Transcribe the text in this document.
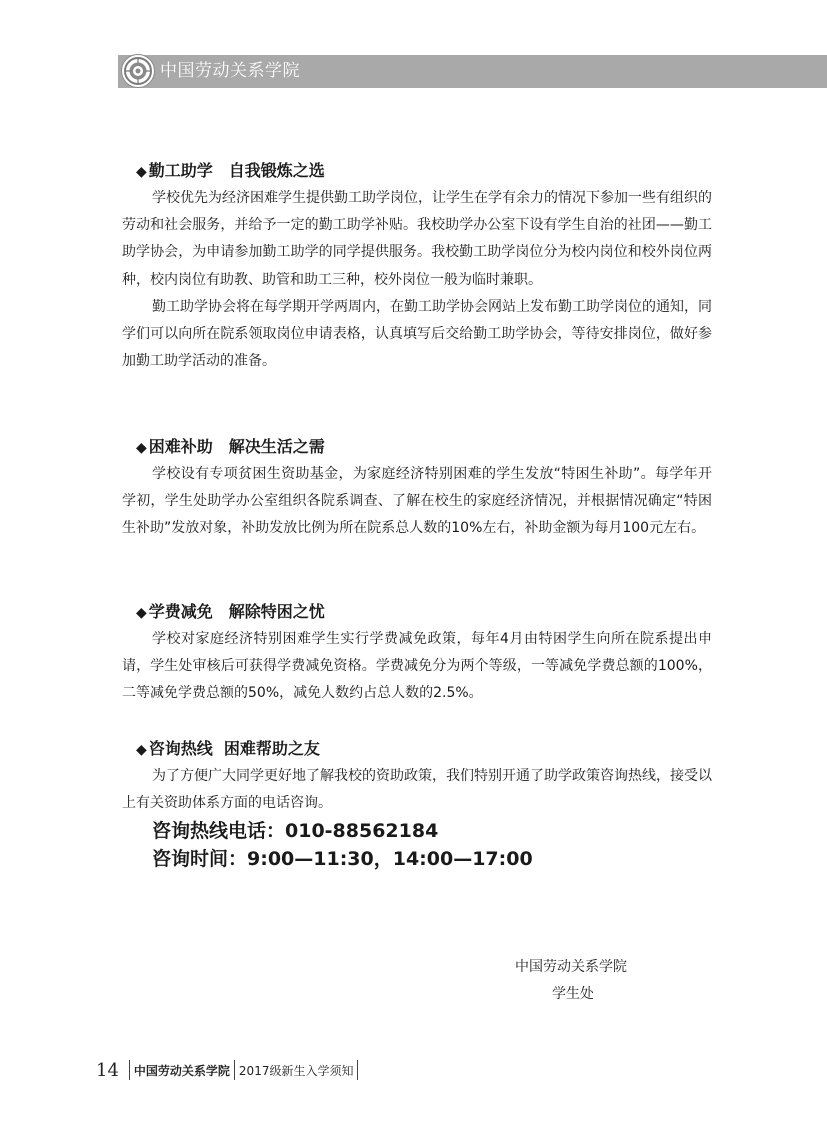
中国劳动关系学院

◆ 勤工助学　自我锻炼之选

学校优先为经济困难学生提供勤工助学岗位，让学生在学有余力的情况下参加一些有组织的劳动和社会服务，并给予一定的勤工助学补贴。我校助学办公室下设有学生自治的社团——勤工助学协会，为申请参加勤工助学的同学提供服务。我校勤工助学岗位分为校内岗位和校外岗位两种，校内岗位有助教、助管和助工三种，校外岗位一般为临时兼职。

勤工助学协会将在每学期开学两周内，在勤工助学协会网站上发布勤工助学岗位的通知，同学们可以向所在院系领取岗位申请表格，认真填写后交给勤工助学协会，等待安排岗位，做好参加勤工助学活动的准备。

◆ 困难补助　解决生活之需

学校设有专项贫困生资助基金，为家庭经济特别困难的学生发放“特困生补助”。每学年开学初，学生处助学办公室组织各院系调查、了解在校生的家庭经济情况，并根据情况确定“特困生补助”发放对象，补助发放比例为所在院系总人数的10%左右，补助金额为每月100元左右。

◆ 学费减免　解除特困之忧

学校对家庭经济特别困难学生实行学费减免政策，每年4月由特困学生向所在院系提出申请，学生处审核后可获得学费减免资格。学费减免分为两个等级，一等减免学费总额的100%，二等减免学费总额的50%，减免人数约占总人数的2.5%。

◆ 咨询热线  困难帮助之友

为了方便广大同学更好地了解我校的资助政策，我们特别开通了助学政策咨询热线，接受以上有关资助体系方面的电话咨询。

咨询热线电话：010-88562184

咨询时间：9:00—11:30，14:00—17:00

中国劳动关系学院
学生处
14 中国劳动关系学院 2017级新生入学须知
